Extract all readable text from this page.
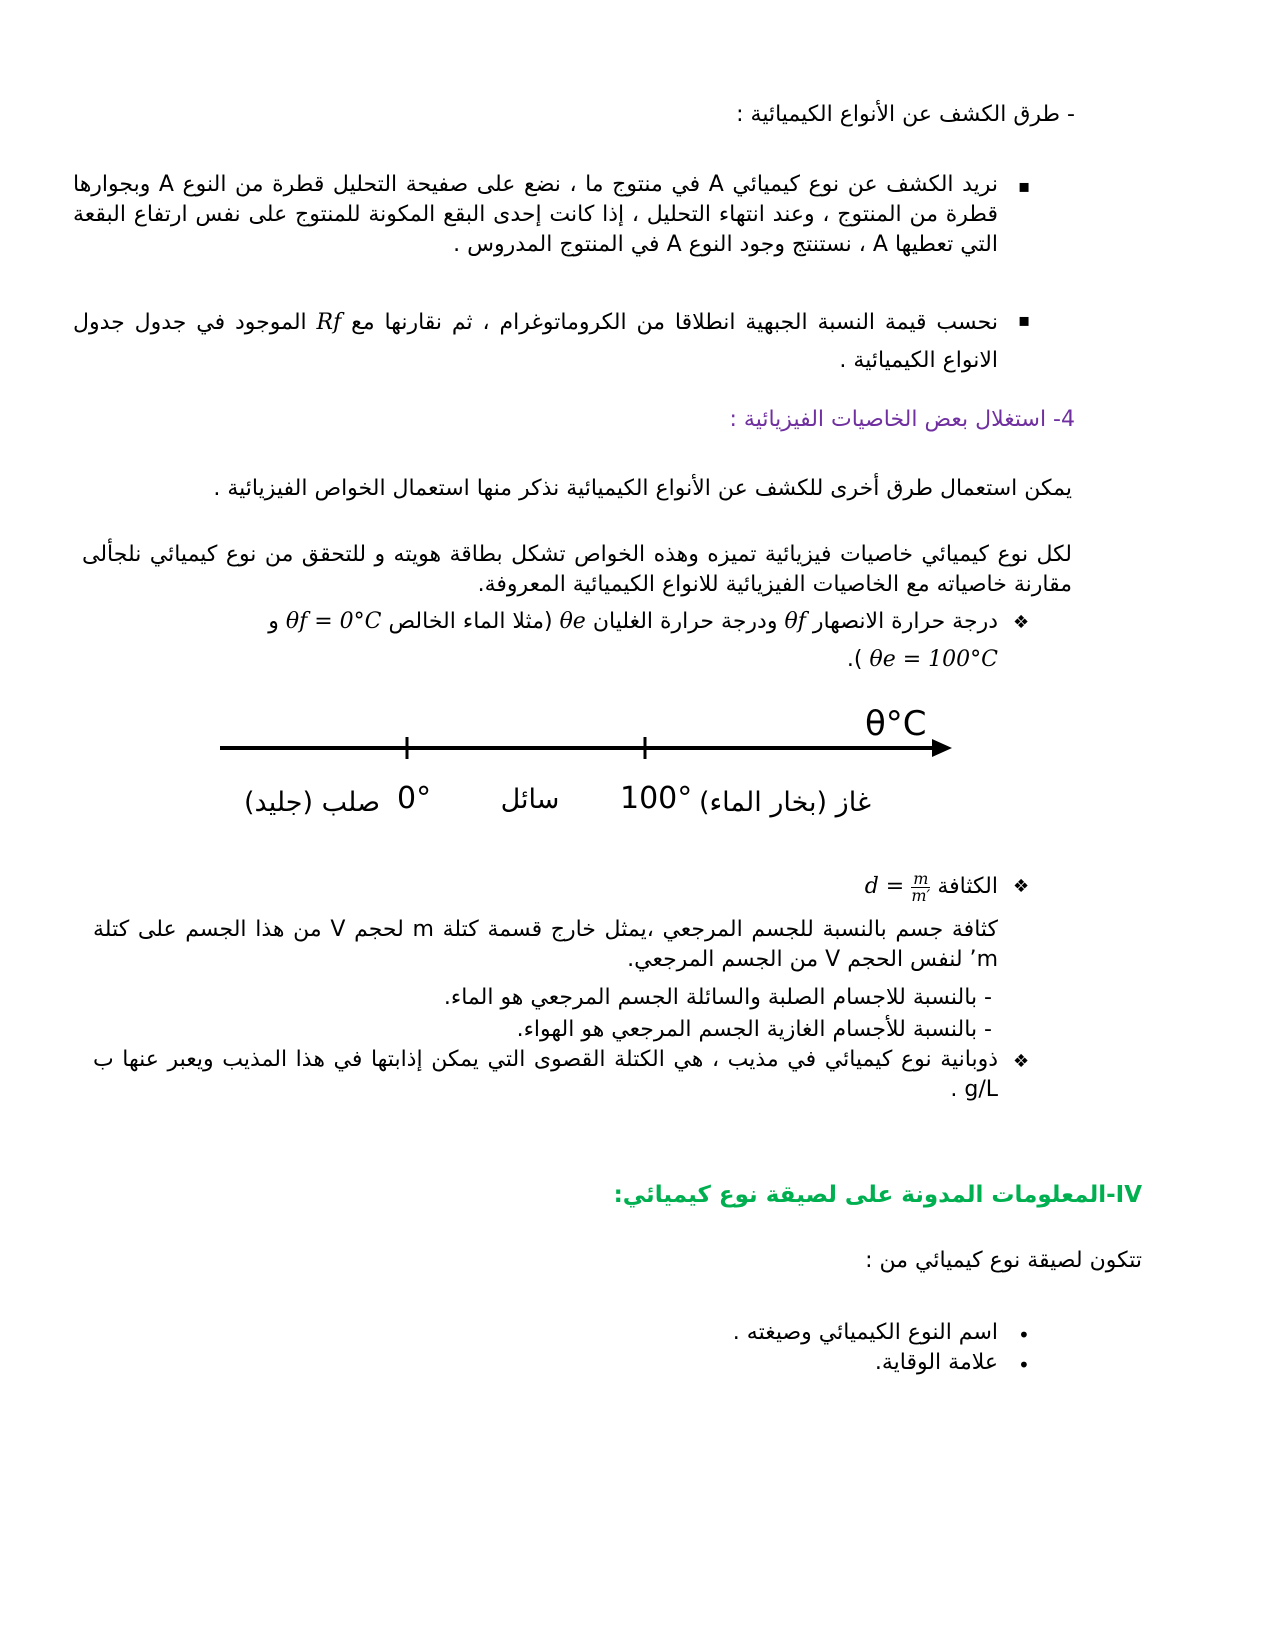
- طرق الكشف عن الأنواع الكيميائية :
▪
نريد الكشف عن نوع كيميائي A في منتوج ما ، نضع على صفيحة التحليل قطرة من النوع A وبجوارها قطرة من المنتوج ، وعند انتهاء التحليل ، إذا كانت إحدى البقع المكونة للمنتوج على نفس ارتفاع البقعة التي تعطيها A ، نستنتج وجود النوع A في المنتوج المدروس .
▪
نحسب قيمة النسبة الجبهية انطلاقا من الكروماتوغرام ، ثم نقارنها مع Rf الموجود في جدول جدول الانواع الكيميائية .
4- استغلال بعض الخاصيات الفيزيائية :
يمكن استعمال طرق أخرى للكشف عن الأنواع الكيميائية نذكر منها استعمال الخواص الفيزيائية .
لكل نوع كيميائي خاصيات فيزيائية تميزه وهذه الخواص تشكل بطاقة هويته و للتحقق من نوع كيميائي نلجألى مقارنة خاصياته مع الخاصيات الفيزيائية للانواع الكيميائية المعروفة.
❖
درجة حرارة الانصهار θf ودرجة حرارة الغليان θe (مثلا الماء الخالص θf = 0°C و
θe = 100°C ).
θ°C
0°	100°
صلب (جليد)	سائل	غاز (بخار الماء)
❖
الكثافة $d = \frac{m}{m'}$
كثافة جسم بالنسبة للجسم المرجعي ،يمثل خارج قسمة كتلة m لحجم V من هذا الجسم على كتلة m’ لنفس الحجم V من الجسم المرجعي.
- بالنسبة للاجسام الصلبة والسائلة الجسم المرجعي هو الماء.
- بالنسبة للأجسام الغازية الجسم المرجعي هو الهواء.
❖
ذوبانية نوع كيميائي في مذيب ، هي الكتلة القصوى التي يمكن إذابتها في هذا المذيب ويعبر عنها ب g/L .
IV-المعلومات المدونة على لصيقة نوع كيميائي:
تتكون لصيقة نوع كيميائي من :
•
اسم النوع الكيميائي وصيغته .
•
علامة الوقاية.
